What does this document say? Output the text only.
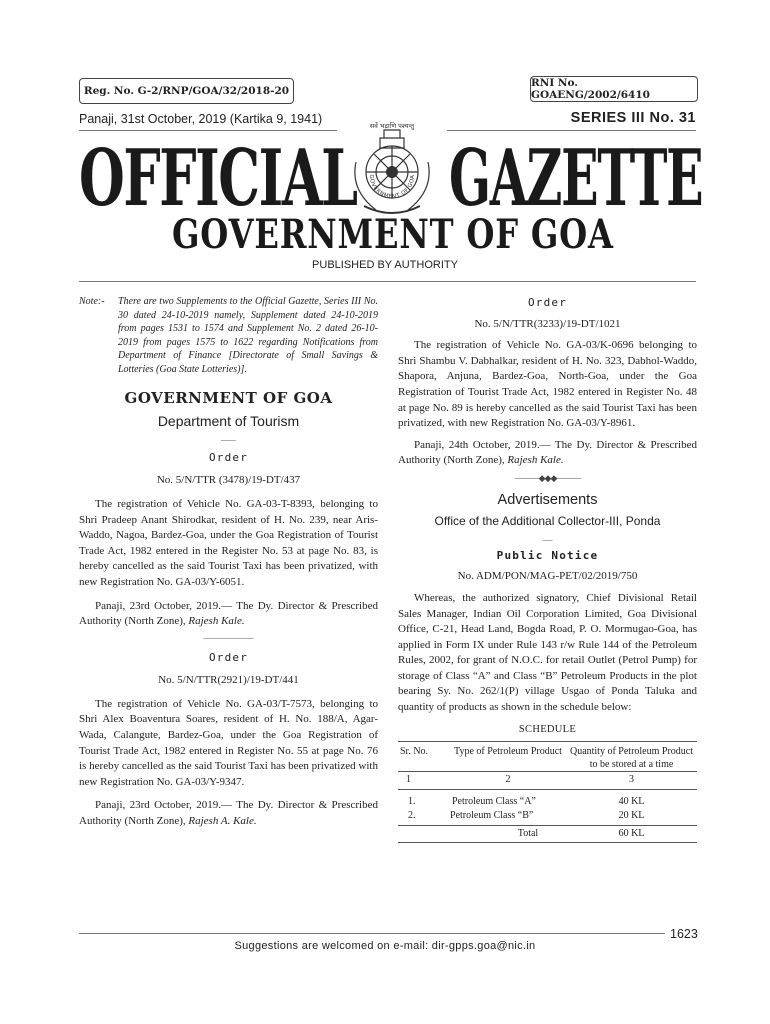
Reg. No. G-2/RNP/GOA/32/2018-20
RNI No. GOAENG/2002/6410
Panaji, 31st October, 2019 (Kartika 9, 1941)	SERIES III No. 31
सर्वे भद्राणि पश्यन्तु
GOVERNMENT OF GOA
OFFICIAL GAZETTE
GOVERNMENT OF GOA
PUBLISHED BY AUTHORITY
Note:- There are two Supplements to the Official Gazette, Series III No. 30 dated 24-10-2019 namely, Supplement dated 24-10-2019 from pages 1531 to 1574 and Supplement No. 2 dated 26-10-2019 from pages 1575 to 1622 regarding Notifications from Department of Finance [Directorate of Small Savings & Lotteries (Goa State Lotteries)].
GOVERNMENT OF GOA
Department of Tourism
___
Order
No. 5/N/TTR (3478)/19-DT/437

The registration of Vehicle No. GA-03-T-8393, belonging to Shri Pradeep Anant Shirodkar, resident of H. No. 239, near Aris-Waddo, Nagoa, Bardez-Goa, under the Goa Registration of Tourist Trade Act, 1982 entered in the Register No. 53 at page No. 83, is hereby cancelled as the said Tourist Taxi has been privatized, with new Registration No. GA-03/Y-6051.

Panaji, 23rd October, 2019.— The Dy. Director & Prescribed Authority (North Zone), Rajesh Kale.

__________
Order
No. 5/N/TTR(2921)/19-DT/441

The registration of Vehicle No. GA-03/T-7573, belonging to Shri Alex Boaventura Soares, resident of H. No. 188/A, Agar-Wada, Calangute, Bardez-Goa, under the Goa Registration of Tourist Trade Act, 1982 entered in Register No. 55 at page No. 76 is hereby cancelled as the said Tourist Taxi has been privatized with new Registration No. GA-03/Y-9347.

Panaji, 23rd October, 2019.— The Dy. Director & Prescribed Authority (North Zone), Rajesh A. Kale.

Order
No. 5/N/TTR(3233)/19-DT/1021

The registration of Vehicle No. GA-03/K-0696 belonging to Shri Shambu V. Dabhalkar, resident of H. No. 323, Dabhol-Waddo, Shapora, Anjuna, Bardez-Goa, North-Goa, under the Goa Registration of Tourist Trade Act, 1982 entered in Register No. 48 at page No. 89 is hereby cancelled as the said Tourist Taxi has been privatized, with new Registration No. GA-03/Y-8961.

Panaji, 24th October, 2019.— The Dy. Director & Prescribed Authority (North Zone), Rajesh Kale.

———◆◆◆———
Advertisements
Office of the Additional Collector-III, Ponda
__
Public Notice
No. ADM/PON/MAG-PET/02/2019/750

Whereas, the authorized signatory, Chief Divisional Retail Sales Manager, Indian Oil Corporation Limited, Goa Divisional Office, C-21, Head Land, Bogda Road, P. O. Mormugao-Goa, has applied in Form IX under Rule 143 r/w Rule 144 of the Petroleum Rules, 2002, for grant of N.O.C. for retail Outlet (Petrol Pump) for storage of Class “A” and Class “B” Petroleum Products in the plot bearing Sy. No. 262/1(P) village Usgao of Ponda Taluka and quantity of products as shown in the schedule below:

SCHEDULE
Sr. No.	Type of Petroleum Product	Quantity of Petroleum Product to be stored at a time
1	2	3
1.	Petroleum Class “A”	40 KL
2.	Petroleum Class “B”	20 KL
	Total	60 KL
1623
Suggestions are welcomed on e-mail: dir-gpps.goa@nic.in
